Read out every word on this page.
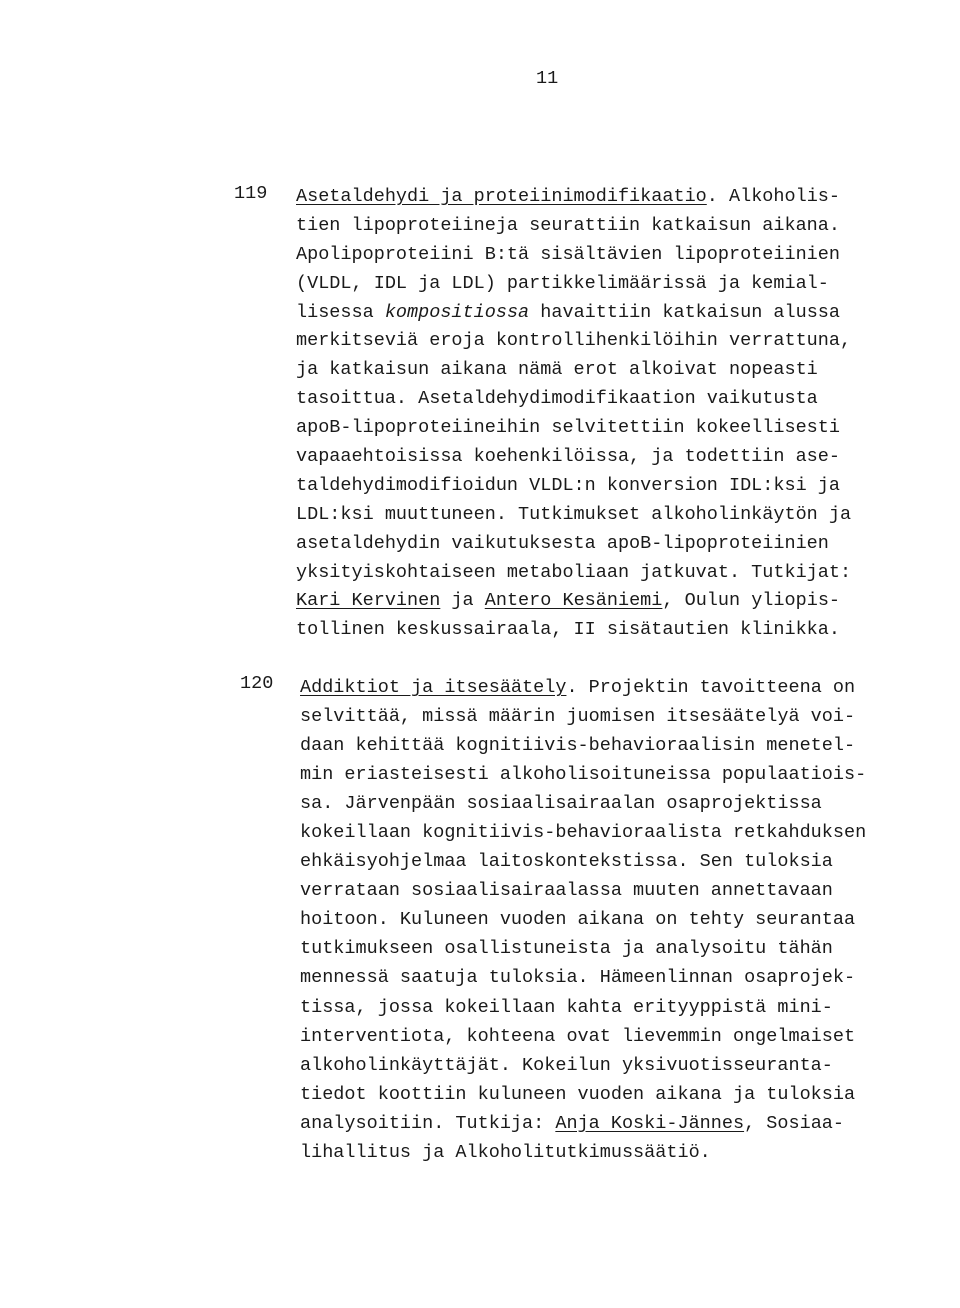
11

119 Asetaldehydi ja proteiinimodifikaatio. Alkoholis-
tien lipoproteiineja seurattiin katkaisun aikana.
Apolipoproteiini B:tä sisältävien lipoproteiinien
(VLDL, IDL ja LDL) partikkelimäärissä ja kemial-
lisessa kompositiossa havaittiin katkaisun alussa
merkitseviä eroja kontrollihenkilöihin verrattuna,
ja katkaisun aikana nämä erot alkoivat nopeasti
tasoittua. Asetaldehydimodifikaation vaikutusta
apoB-lipoproteiineihin selvitettiin kokeellisesti
vapaaehtoisissa koehenkilöissa, ja todettiin ase-
taldehydimodifioidun VLDL:n konversion IDL:ksi ja
LDL:ksi muuttuneen. Tutkimukset alkoholinkäytön ja
asetaldehydin vaikutuksesta apoB-lipoproteiinien
yksityiskohtaiseen metaboliaan jatkuvat. Tutkijat:
Kari Kervinen ja Antero Kesäniemi, Oulun yliopis-
tollinen keskussairaala, II sisätautien klinikka.
120 Addiktiot ja itsesäätely. Projektin tavoitteena on
selvittää, missä määrin juomisen itsesäätelyä voi-
daan kehittää kognitiivis-behavioraalisin menetel-
min eriasteisesti alkoholisoituneissa populaatiois-
sa. Järvenpään sosiaalisairaalan osaprojektissa
kokeillaan kognitiivis-behavioraalista retkahduksen
ehkäisyohjelmaa laitoskontekstissa. Sen tuloksia
verrataan sosiaalisairaalassa muuten annettavaan
hoitoon. Kuluneen vuoden aikana on tehty seurantaa
tutkimukseen osallistuneista ja analysoitu tähän
mennessä saatuja tuloksia. Hämeenlinnan osaprojek-
tissa, jossa kokeillaan kahta erityyppistä mini-
interventiota, kohteena ovat lievemmin ongelmaiset
alkoholinkäyttäjät. Kokeilun yksivuotisseuranta-
tiedot koottiin kuluneen vuoden aikana ja tuloksia
analysoitiin. Tutkija: Anja Koski-Jännes, Sosiaa-
lihallitus ja Alkoholitutkimussäätiö.
